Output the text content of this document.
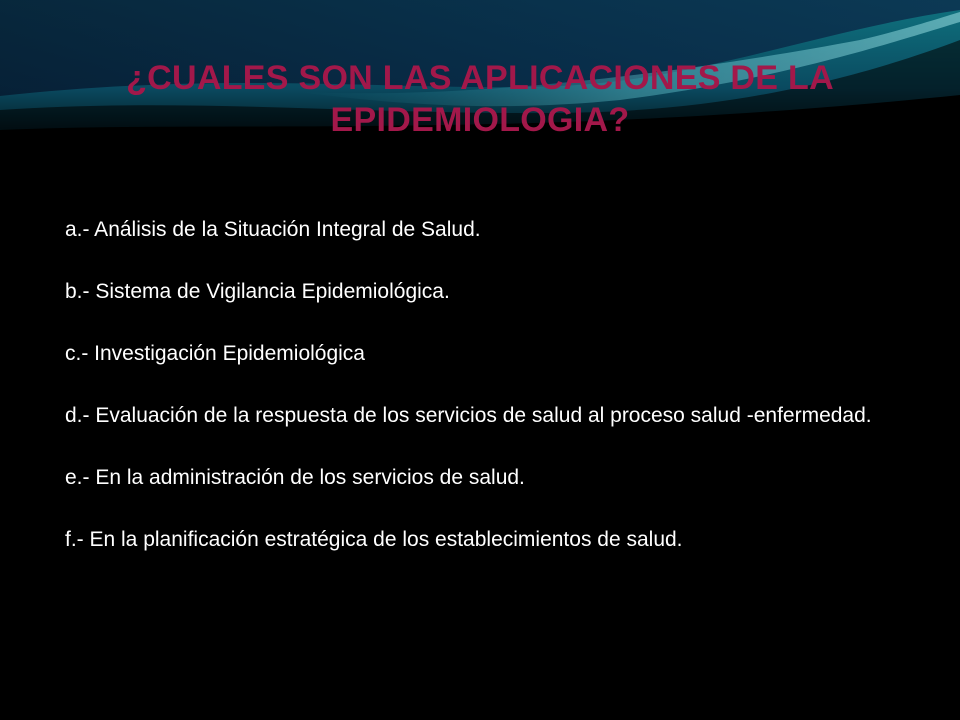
¿CUALES SON LAS APLICACIONES DE LA EPIDEMIOLOGIA?

a.- Análisis de la Situación Integral de Salud.

b.- Sistema de Vigilancia Epidemiológica.

c.- Investigación Epidemiológica

d.- Evaluación de la respuesta de los servicios de salud al proceso salud -enfermedad.

e.- En la administración de los servicios de salud.

f.- En la planificación estratégica de los establecimientos de salud.
